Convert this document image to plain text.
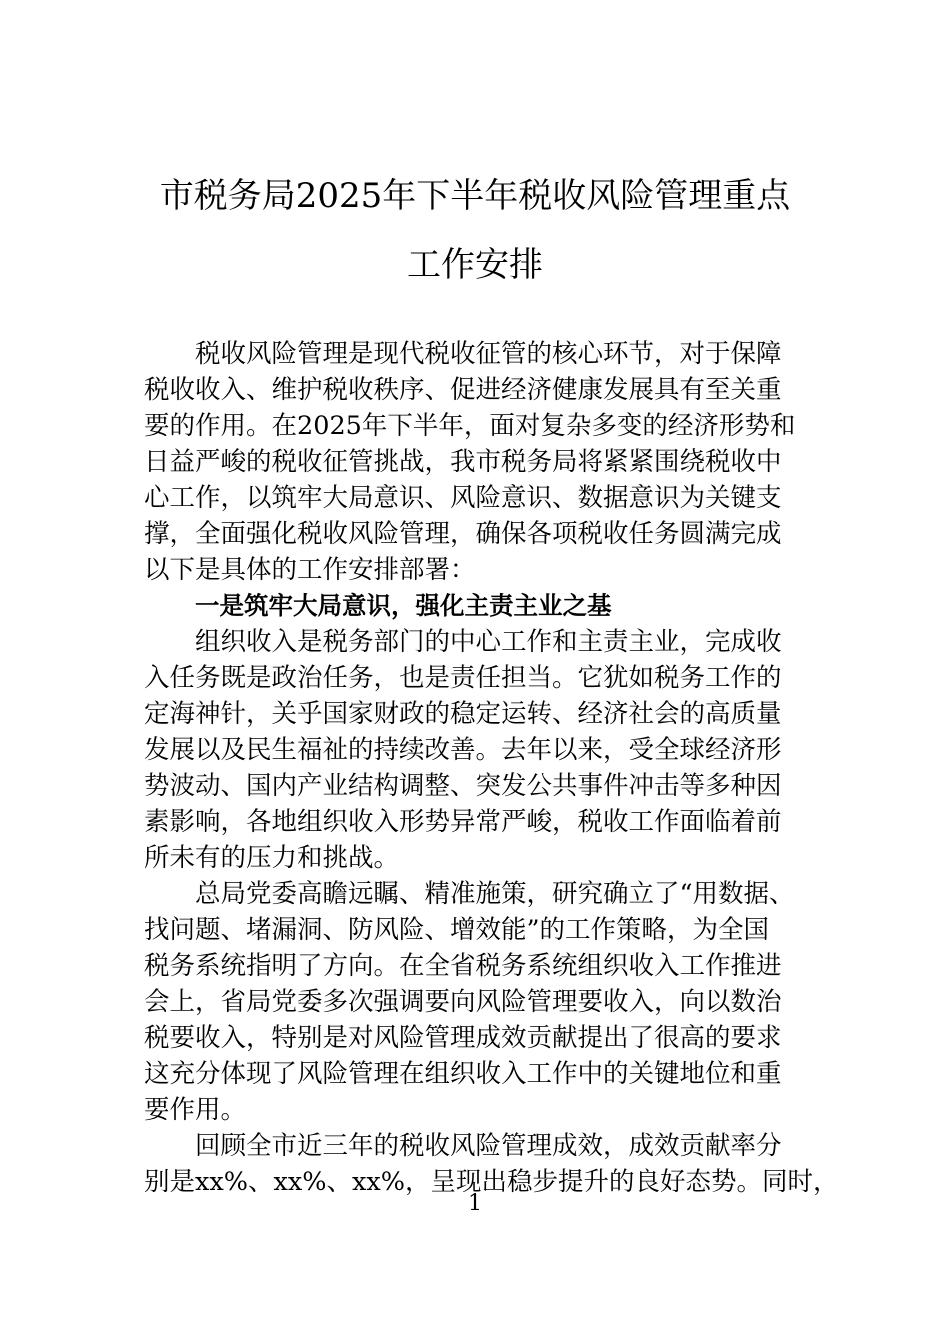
市税务局2025年下半年税收风险管理重点
工作安排
税收风险管理是现代税收征管的核心环节，对于保障
税收收入、维护税收秩序、促进经济健康发展具有至关重
要的作用。在2025年下半年，面对复杂多变的经济形势和
日益严峻的税收征管挑战，我市税务局将紧紧围绕税收中
心工作，以筑牢大局意识、风险意识、数据意识为关键支
撑，全面强化税收风险管理，确保各项税收任务圆满完成
以下是具体的工作安排部署：
一是筑牢大局意识，强化主责主业之基
组织收入是税务部门的中心工作和主责主业，完成收
入任务既是政治任务，也是责任担当。它犹如税务工作的
定海神针，关乎国家财政的稳定运转、经济社会的高质量
发展以及民生福祉的持续改善。去年以来，受全球经济形
势波动、国内产业结构调整、突发公共事件冲击等多种因
素影响，各地组织收入形势异常严峻，税收工作面临着前
所未有的压力和挑战。
总局党委高瞻远瞩、精准施策，研究确立了“用数据、
找问题、堵漏洞、防风险、增效能”的工作策略，为全国
税务系统指明了方向。在全省税务系统组织收入工作推进
会上，省局党委多次强调要向风险管理要收入，向以数治
税要收入，特别是对风险管理成效贡献提出了很高的要求
这充分体现了风险管理在组织收入工作中的关键地位和重
要作用。
回顾全市近三年的税收风险管理成效，成效贡献率分
别是xx%、xx%、xx%，呈现出稳步提升的良好态势。同时，
1
